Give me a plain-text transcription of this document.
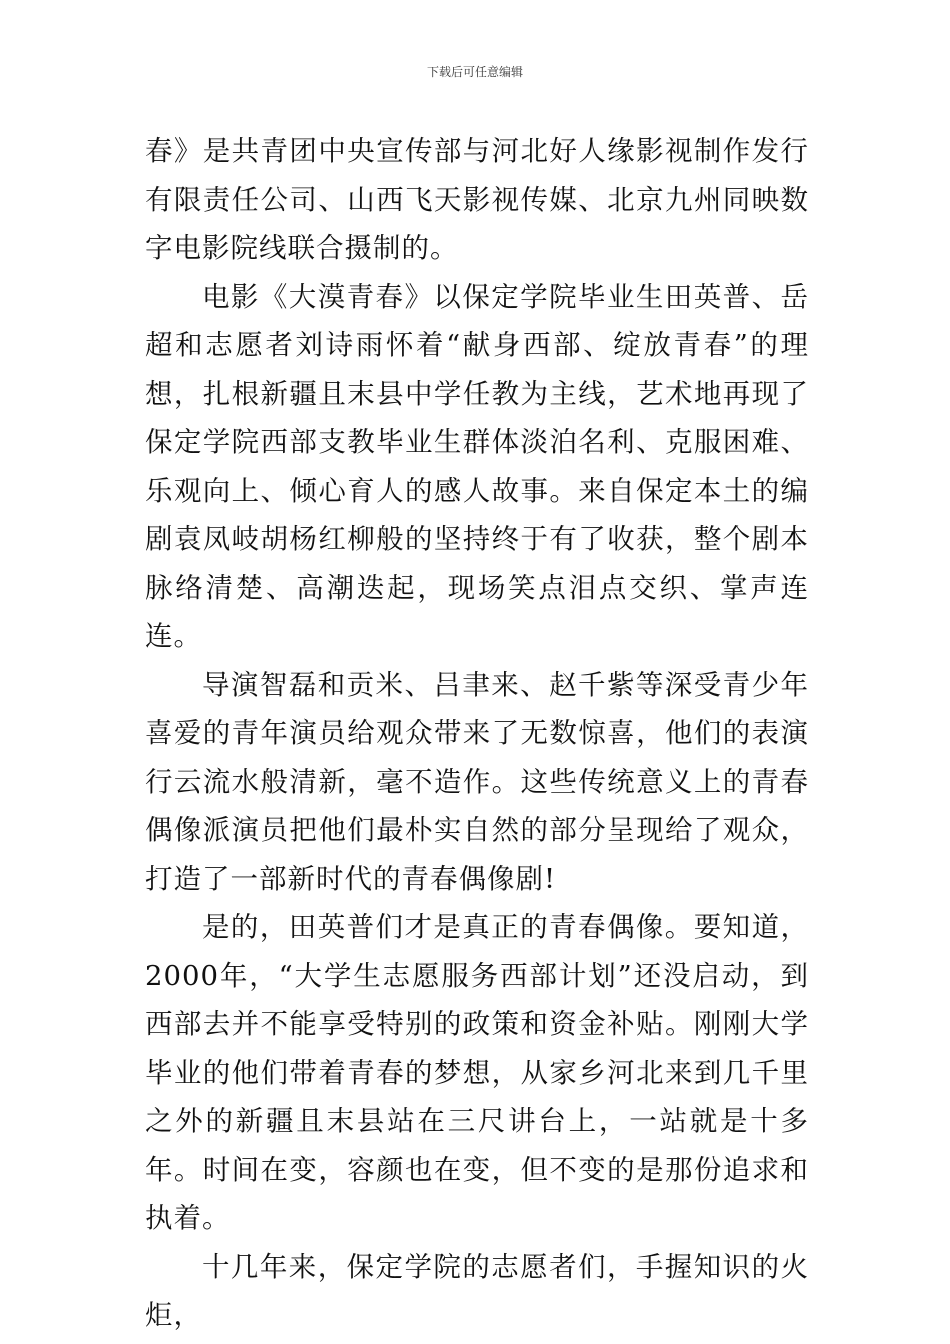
下载后可任意编辑

春》是共青团中央宣传部与河北好人缘影视制作发行有限责任公司、山西飞天影视传媒、北京九州同映数字电影院线联合摄制的。

电影《大漠青春》以保定学院毕业生田英普、岳超和志愿者刘诗雨怀着“献身西部、绽放青春”的理想，扎根新疆且末县中学任教为主线，艺术地再现了保定学院西部支教毕业生群体淡泊名利、克服困难、乐观向上、倾心育人的感人故事。来自保定本土的编剧袁凤岐胡杨红柳般的坚持终于有了收获，整个剧本脉络清楚、高潮迭起，现场笑点泪点交织、掌声连连。

导演智磊和贡米、吕聿来、赵千紫等深受青少年喜爱的青年演员给观众带来了无数惊喜，他们的表演行云流水般清新，毫不造作。这些传统意义上的青春偶像派演员把他们最朴实自然的部分呈现给了观众，打造了一部新时代的青春偶像剧!

是的，田英普们才是真正的青春偶像。要知道，2000年，“大学生志愿服务西部计划”还没启动，到西部去并不能享受特别的政策和资金补贴。刚刚大学毕业的他们带着青春的梦想，从家乡河北来到几千里之外的新疆且末县站在三尺讲台上，一站就是十多年。时间在变，容颜也在变，但不变的是那份追求和执着。

十几年来，保定学院的志愿者们，手握知识的火炬，
